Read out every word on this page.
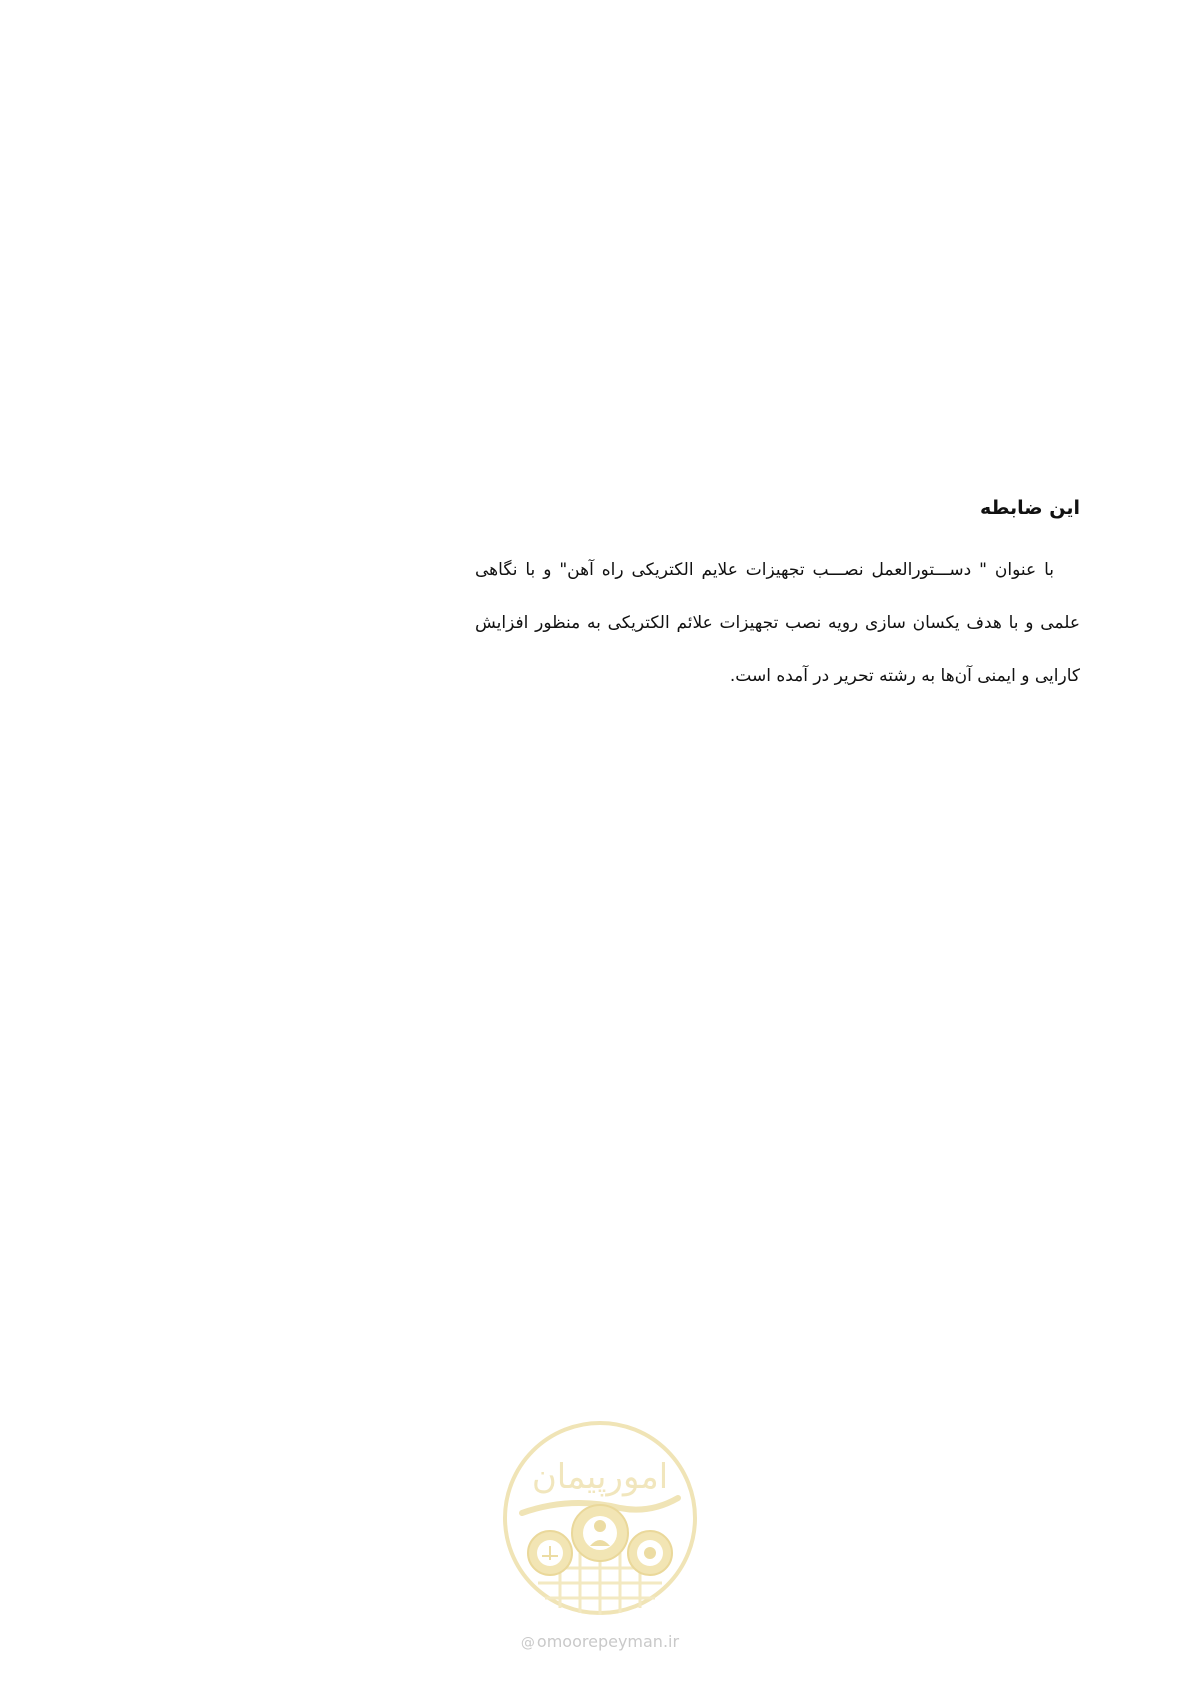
این ضابطه

با عنوان " دســـتورالعمل نصـــب تجهیزات علایم الکتریکی راه آهن" و با نگاهی علمی و با هدف یکسان سازی رویه نصب تجهیزات علائم الکتریکی به منظور افزایش کارایی و ایمنی آن‌ها به رشته تحریر در آمده است.

امورپیمان
@ omoorepeyman.ir
